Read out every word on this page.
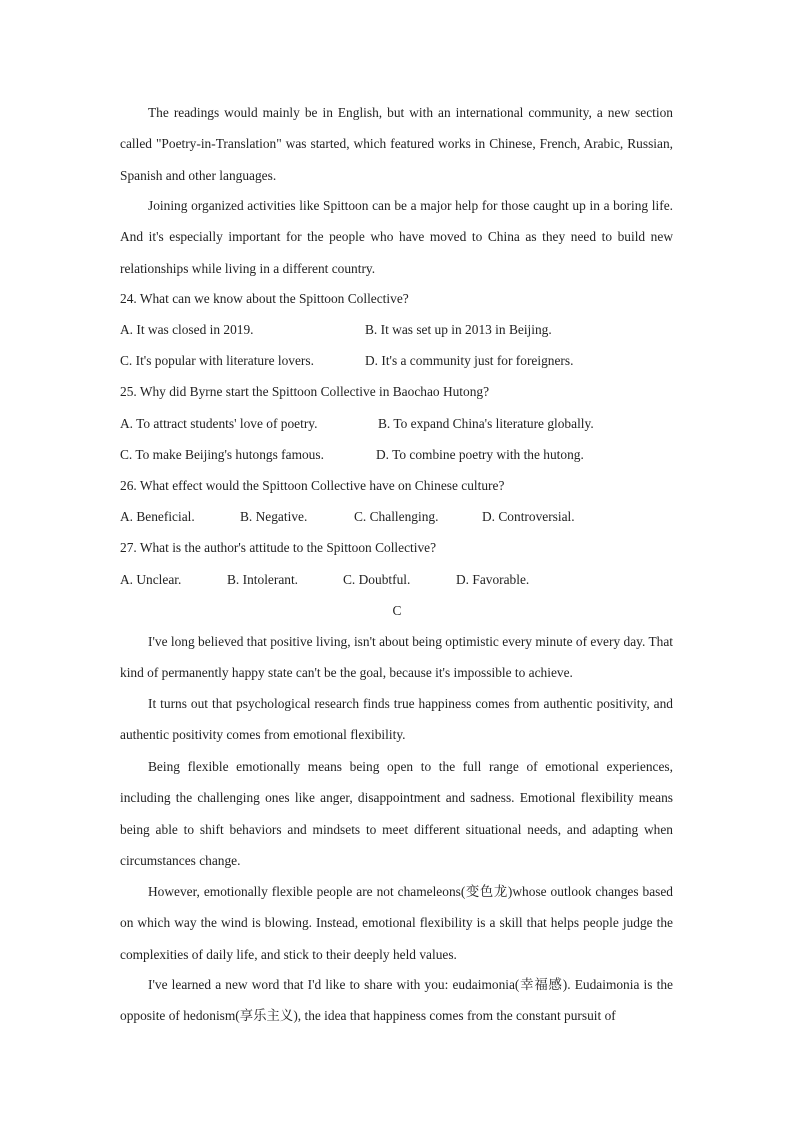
The readings would mainly be in English, but with an international community, a new section called "Poetry-in-Translation" was started, which featured works in Chinese, French, Arabic, Russian, Spanish and other languages.

Joining organized activities like Spittoon can be a major help for those caught up in a boring life. And it's especially important for the people who have moved to China as they need to build new relationships while living in a different country.

24. What can we know about the Spittoon Collective?
A. It was closed in 2019.	B. It was set up in 2013 in Beijing.
C. It's popular with literature lovers.	D. It's a community just for foreigners.
25. Why did Byrne start the Spittoon Collective in Baochao Hutong?
A. To attract students' love of poetry.	B. To expand China's literature globally.
C. To make Beijing's hutongs famous.	D. To combine poetry with the hutong.
26. What effect would the Spittoon Collective have on Chinese culture?
A. Beneficial.	B. Negative.	C. Challenging.	D. Controversial.
27. What is the author's attitude to the Spittoon Collective?
A. Unclear.	B. Intolerant.	C. Doubtful.	D. Favorable.
C

I've long believed that positive living, isn't about being optimistic every minute of every day. That kind of permanently happy state can't be the goal, because it's impossible to achieve.

It turns out that psychological research finds true happiness comes from authentic positivity, and authentic positivity comes from emotional flexibility.

Being flexible emotionally means being open to the full range of emotional experiences, including the challenging ones like anger, disappointment and sadness. Emotional flexibility means being able to shift behaviors and mindsets to meet different situational needs, and adapting when circumstances change.

However, emotionally flexible people are not chameleons(变色龙)whose outlook changes based on which way the wind is blowing. Instead, emotional flexibility is a skill that helps people judge the complexities of daily life, and stick to their deeply held values.

I've learned a new word that I'd like to share with you: eudaimonia(幸福感). Eudaimonia is the opposite of hedonism(享乐主义), the idea that happiness comes from the constant pursuit of
